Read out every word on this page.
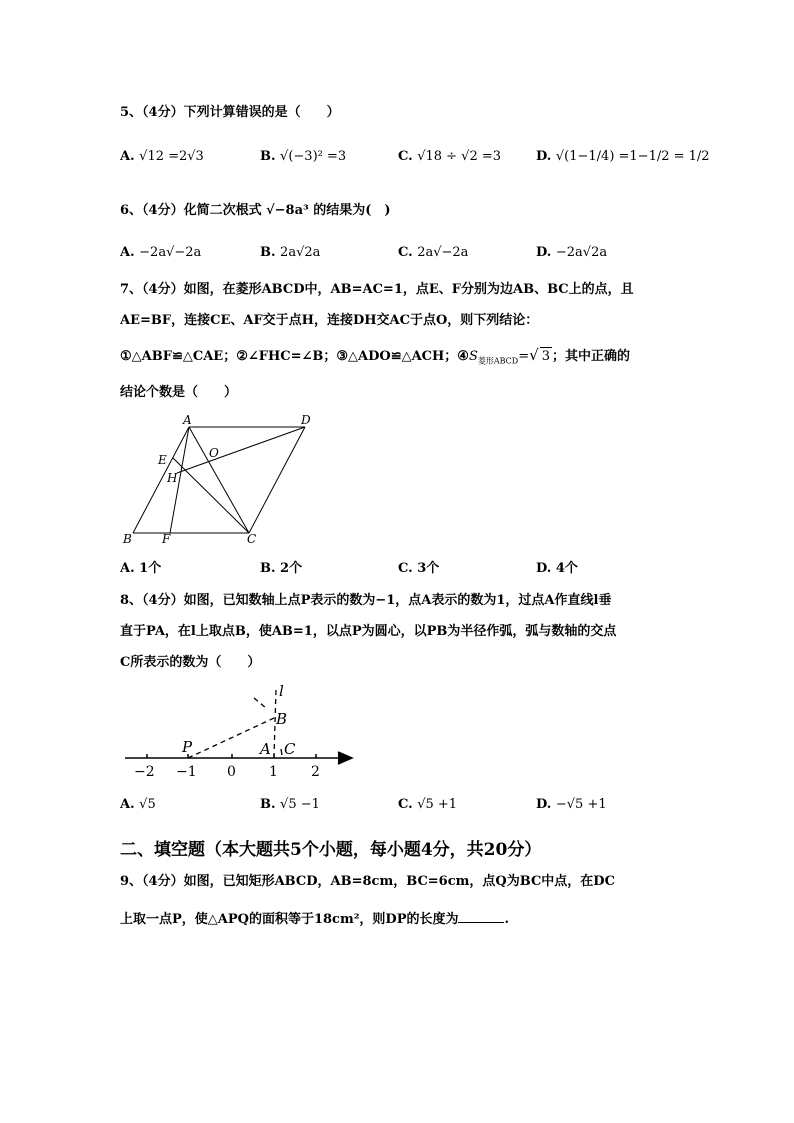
5、（4分）下列计算错误的是（　　）
A. √12 =2√3	B. √(−3)² =3	C. √18 ÷ √2 =3	D. √(1−1/4) =1−1/2 = 1/2
6、（4分）化简二次根式 √−8a³ 的结果为(　)
A. −2a√−2a	B. 2a√2a	C. 2a√−2a	D. −2a√2a
7、（4分）如图，在菱形ABCD中，AB=AC=1，点E、F分别为边AB、BC上的点，且
AE=BF，连接CE、AF交于点H，连接DH交AC于点O，则下列结论：
①△ABF≌△CAE；②∠FHC=∠B；③△ADO≌△ACH；$④S_{菱形ABCD}=√$ 3 ；其中正确的
结论个数是（　　）
A	D
E	O
H
B	F	C
A. 1个	B. 2个	C. 3个	D. 4个
8、（4分）如图，已知数轴上点P表示的数为−1，点A表示的数为1，过点A作直线l垂
直于PA，在l上取点B，使AB=1，以点P为圆心，以PB为半径作弧，弧与数轴的交点
C所表示的数为（　　）
l
B
P	A C
−2 −1 0 1 2
A. √5	B. √5 −1	C. √5 +1	D. −√5 +1
二、填空题（本大题共5个小题，每小题4分，共20分）
9、（4分）如图，已知矩形ABCD，AB=8cm，BC=6cm，点Q为BC中点，在DC
上取一点P，使△APQ的面积等于18cm²，则DP的长度为	.
